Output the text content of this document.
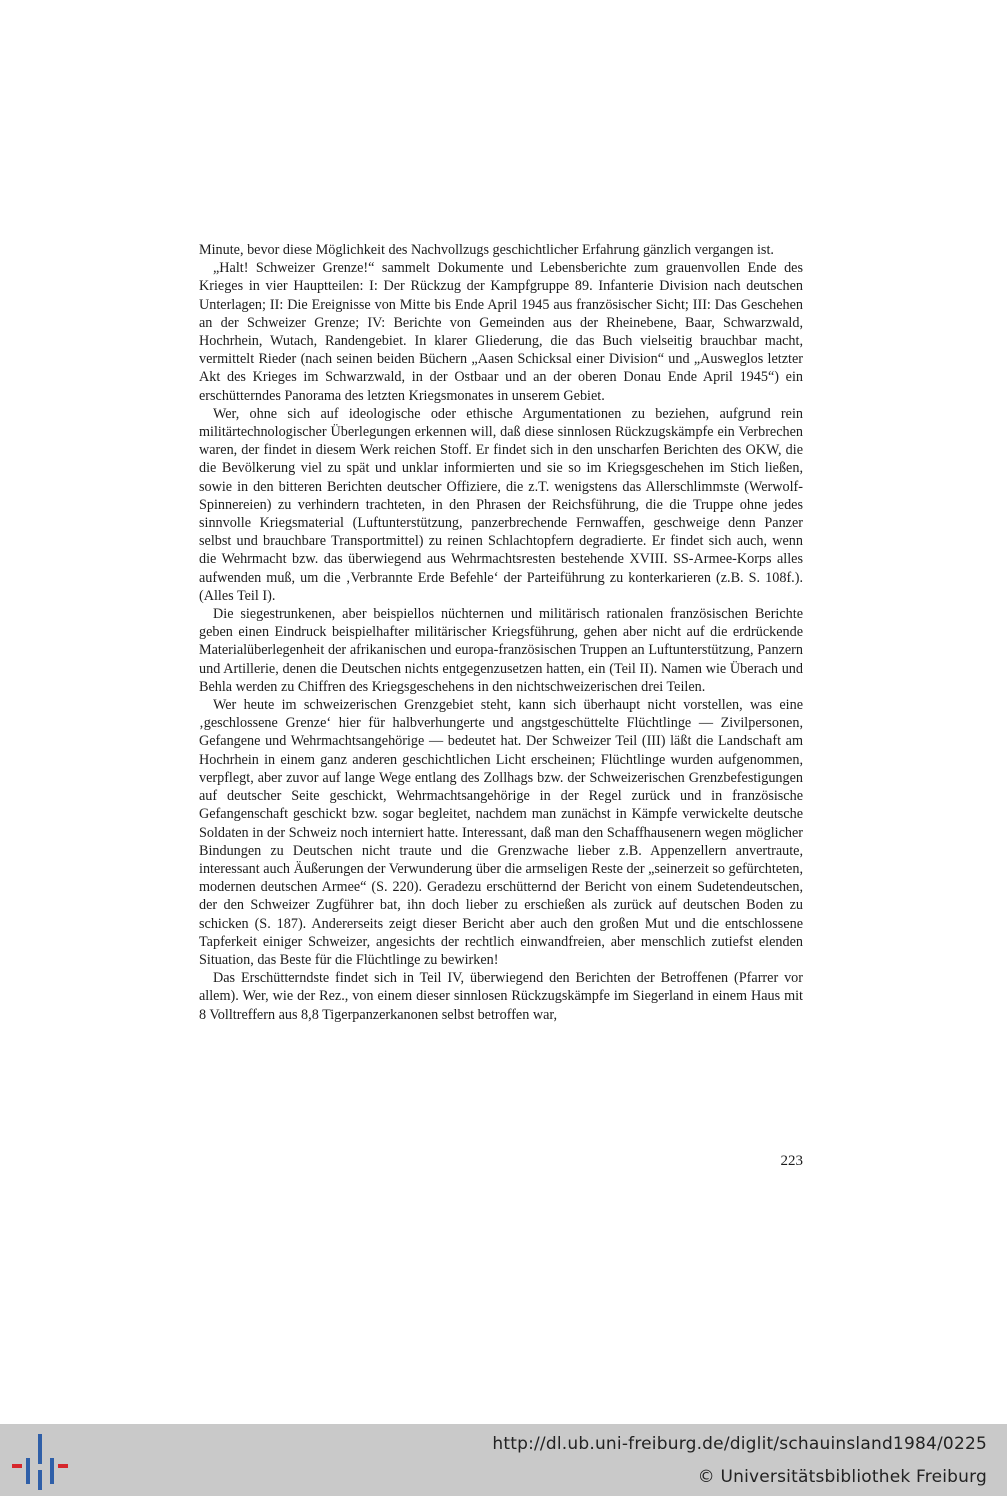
Minute, bevor diese Möglichkeit des Nachvollzugs geschichtlicher Erfahrung gänzlich vergangen ist.

„Halt! Schweizer Grenze!“ sammelt Dokumente und Lebensberichte zum grauenvollen Ende des Krieges in vier Hauptteilen: I: Der Rückzug der Kampfgruppe 89. Infanterie Division nach deutschen Unterlagen; II: Die Ereignisse von Mitte bis Ende April 1945 aus französischer Sicht; III: Das Geschehen an der Schweizer Grenze; IV: Berichte von Gemeinden aus der Rheinebene, Baar, Schwarzwald, Hochrhein, Wutach, Randengebiet. In klarer Gliederung, die das Buch vielseitig brauchbar macht, vermittelt Rieder (nach seinen beiden Büchern „Aasen Schicksal einer Division“ und „Ausweglos letzter Akt des Krieges im Schwarzwald, in der Ostbaar und an der oberen Donau Ende April 1945“) ein erschütterndes Panorama des letzten Kriegsmonates in unserem Gebiet.

Wer, ohne sich auf ideologische oder ethische Argumentationen zu beziehen, aufgrund rein militärtechnologischer Überlegungen erkennen will, daß diese sinnlosen Rückzugskämpfe ein Verbrechen waren, der findet in diesem Werk reichen Stoff. Er findet sich in den unscharfen Berichten des OKW, die die Bevölkerung viel zu spät und unklar informierten und sie so im Kriegsgeschehen im Stich ließen, sowie in den bitteren Berichten deutscher Offiziere, die z.T. wenigstens das Allerschlimmste (Werwolf-Spinnereien) zu verhindern trachteten, in den Phrasen der Reichsführung, die die Truppe ohne jedes sinnvolle Kriegsmaterial (Luftunterstützung, panzerbrechende Fernwaffen, geschweige denn Panzer selbst und brauchbare Transportmittel) zu reinen Schlachtopfern degradierte. Er findet sich auch, wenn die Wehrmacht bzw. das überwiegend aus Wehrmachtsresten bestehende XVIII. SS-Armee-Korps alles aufwenden muß, um die ‚Verbrannte Erde Befehle‘ der Parteiführung zu konterkarieren (z.B. S. 108f.). (Alles Teil I).

Die siegestrunkenen, aber beispiellos nüchternen und militärisch rationalen französischen Berichte geben einen Eindruck beispielhafter militärischer Kriegsführung, gehen aber nicht auf die erdrückende Materialüberlegenheit der afrikanischen und europa-französischen Truppen an Luftunterstützung, Panzern und Artillerie, denen die Deutschen nichts entgegenzusetzen hatten, ein (Teil II). Namen wie Überach und Behla werden zu Chiffren des Kriegsgeschehens in den nichtschweizerischen drei Teilen.

Wer heute im schweizerischen Grenzgebiet steht, kann sich überhaupt nicht vorstellen, was eine ‚geschlossene Grenze‘ hier für halbverhungerte und angstgeschüttelte Flüchtlinge — Zivilpersonen, Gefangene und Wehrmachtsangehörige — bedeutet hat. Der Schweizer Teil (III) läßt die Landschaft am Hochrhein in einem ganz anderen geschichtlichen Licht erscheinen; Flüchtlinge wurden aufgenommen, verpflegt, aber zuvor auf lange Wege entlang des Zollhags bzw. der Schweizerischen Grenzbefestigungen auf deutscher Seite geschickt, Wehrmachtsangehörige in der Regel zurück und in französische Gefangenschaft geschickt bzw. sogar begleitet, nachdem man zunächst in Kämpfe verwickelte deutsche Soldaten in der Schweiz noch interniert hatte. Interessant, daß man den Schaffhausenern wegen möglicher Bindungen zu Deutschen nicht traute und die Grenzwache lieber z.B. Appenzellern anvertraute, interessant auch Äußerungen der Verwunderung über die armseligen Reste der „seinerzeit so gefürchteten, modernen deutschen Armee“ (S. 220). Geradezu erschütternd der Bericht von einem Sudetendeutschen, der den Schweizer Zugführer bat, ihn doch lieber zu erschießen als zurück auf deutschen Boden zu schicken (S. 187). Andererseits zeigt dieser Bericht aber auch den großen Mut und die entschlossene Tapferkeit einiger Schweizer, angesichts der rechtlich einwandfreien, aber menschlich zutiefst elenden Situation, das Beste für die Flüchtlinge zu bewirken!

Das Erschütterndste findet sich in Teil IV, überwiegend den Berichten der Betroffenen (Pfarrer vor allem). Wer, wie der Rez., von einem dieser sinnlosen Rückzugskämpfe im Siegerland in einem Haus mit 8 Volltreffern aus 8,8 Tigerpanzerkanonen selbst betroffen war,

223
http://dl.ub.uni-freiburg.de/diglit/schauinsland1984/0225
© Universitätsbibliothek Freiburg
